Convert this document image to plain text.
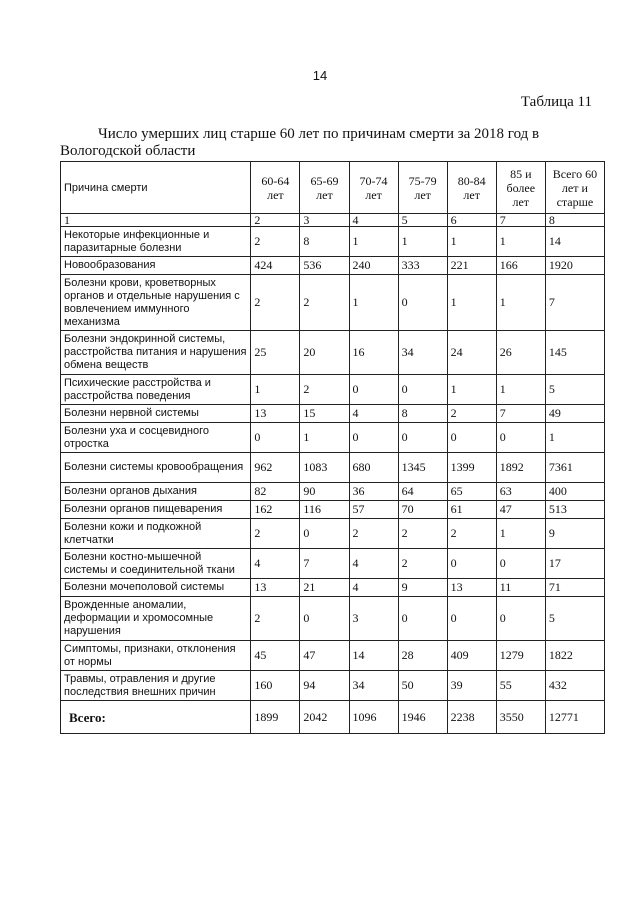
14
Таблица 11
Число умерших лиц старше 60 лет по причинам смерти за 2018 год в
Вологодской области
Причина смерти	60-64 лет	65-69 лет	70-74 лет	75-79 лет	80-84 лет	85 и более лет	Всего 60 лет и старше
1	2	3	4	5	6	7	8
Некоторые инфекционные и паразитарные болезни	2	8	1	1	1	1	14
Новообразования	424	536	240	333	221	166	1920
Болезни крови, кроветворных органов и отдельные нарушения с вовлечением иммунного механизма	2	2	1	0	1	1	7
Болезни эндокринной системы, расстройства питания и нарушения обмена веществ	25	20	16	34	24	26	145
Психические расстройства и расстройства поведения	1	2	0	0	1	1	5
Болезни нервной системы	13	15	4	8	2	7	49
Болезни уха и сосцевидного отростка	0	1	0	0	0	0	1
Болезни системы кровообращения	962	1083	680	1345	1399	1892	7361
Болезни органов дыхания	82	90	36	64	65	63	400
Болезни органов пищеварения	162	116	57	70	61	47	513
Болезни кожи и подкожной клетчатки	2	0	2	2	2	1	9
Болезни костно-мышечной системы и соединительной ткани	4	7	4	2	0	0	17
Болезни мочеполовой системы	13	21	4	9	13	11	71
Врожденные аномалии, деформации и хромосомные нарушения	2	0	3	0	0	0	5
Симптомы, признаки, отклонения от нормы	45	47	14	28	409	1279	1822
Травмы, отравления и другие последствия внешних причин	160	94	34	50	39	55	432
Всего:	1899	2042	1096	1946	2238	3550	12771
